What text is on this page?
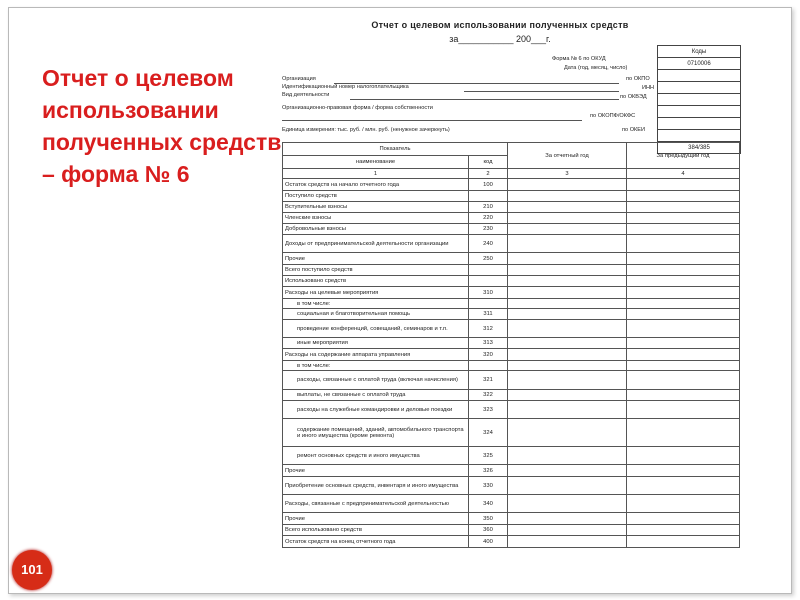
Отчет о целевом использовании полученных средств – форма № 6
101
Отчет о целевом использовании полученных средств
за___________ 200___г.
Коды
0710006

384/385
Форма № 6 по ОКУД
Дата (год, месяц, число)
Организация	по ОКПО
Идентификационный номер налогоплательщика	ИНН
Вид деятельности	по ОКВЭД
Организационно-правовая форма / форма собственности
по ОКОПФ/ОКФС
Единица измерения: тыс. руб. / млн. руб. (ненужное зачеркнуть)	по ОКЕИ
Показатель		За отчетный год	За предыдущий год
наименование	код		
1	2	3	4
Остаток средств на начало отчетного года	100		
Поступило средств			
Вступительные взносы	210		
Членские взносы	220		
Добровольные взносы	230		
Доходы от предпринимательской деятельности организации	240		
Прочие	250		
Всего поступило средств			
Использовано средств			
Расходы на целевые мероприятия	310		
в том числе:			
социальная и благотворительная помощь	311		
проведение конференций, совещаний, семинаров и т.п.	312		
иные мероприятия	313		
Расходы на содержание аппарата управления	320		
в том числе:			
расходы, связанные с оплатой труда (включая начисления)	321		
выплаты, не связанные с оплатой труда	322		
расходы на служебные командировки и деловые поездки	323		
содержание помещений, зданий, автомобильного транспорта и иного имущества (кроме ремонта)	324		
ремонт основных средств и иного имущества	325		
Прочие	326		
Приобретение основных средств, инвентаря и иного имущества	330		
Расходы, связанные с предпринимательской деятельностью	340		
Прочие	350		
Всего использовано средств	360		
Остаток средств на конец отчетного года	400		
